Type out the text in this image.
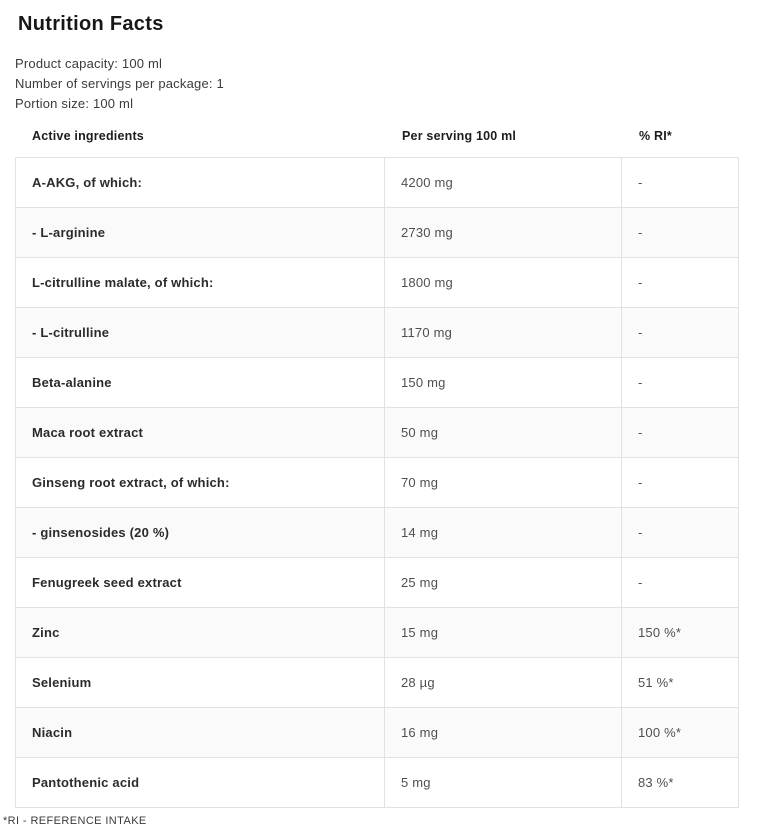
Nutrition Facts
Product capacity: 100 ml
Number of servings per package: 1
Portion size: 100 ml
Active ingredients	Per serving 100 ml	% RI*
A-AKG, of which:	4200 mg	-
- L-arginine	2730 mg	-
L-citrulline malate, of which:	1800 mg	-
- L-citrulline	1170 mg	-
Beta-alanine	150 mg	-
Maca root extract	50 mg	-
Ginseng root extract, of which:	70 mg	-
- ginsenosides (20 %)	14 mg	-
Fenugreek seed extract	25 mg	-
Zinc	15 mg	150 %*
Selenium	28 µg	51 %*
Niacin	16 mg	100 %*
Pantothenic acid	5 mg	83 %*
*RI - REFERENCE INTAKE
